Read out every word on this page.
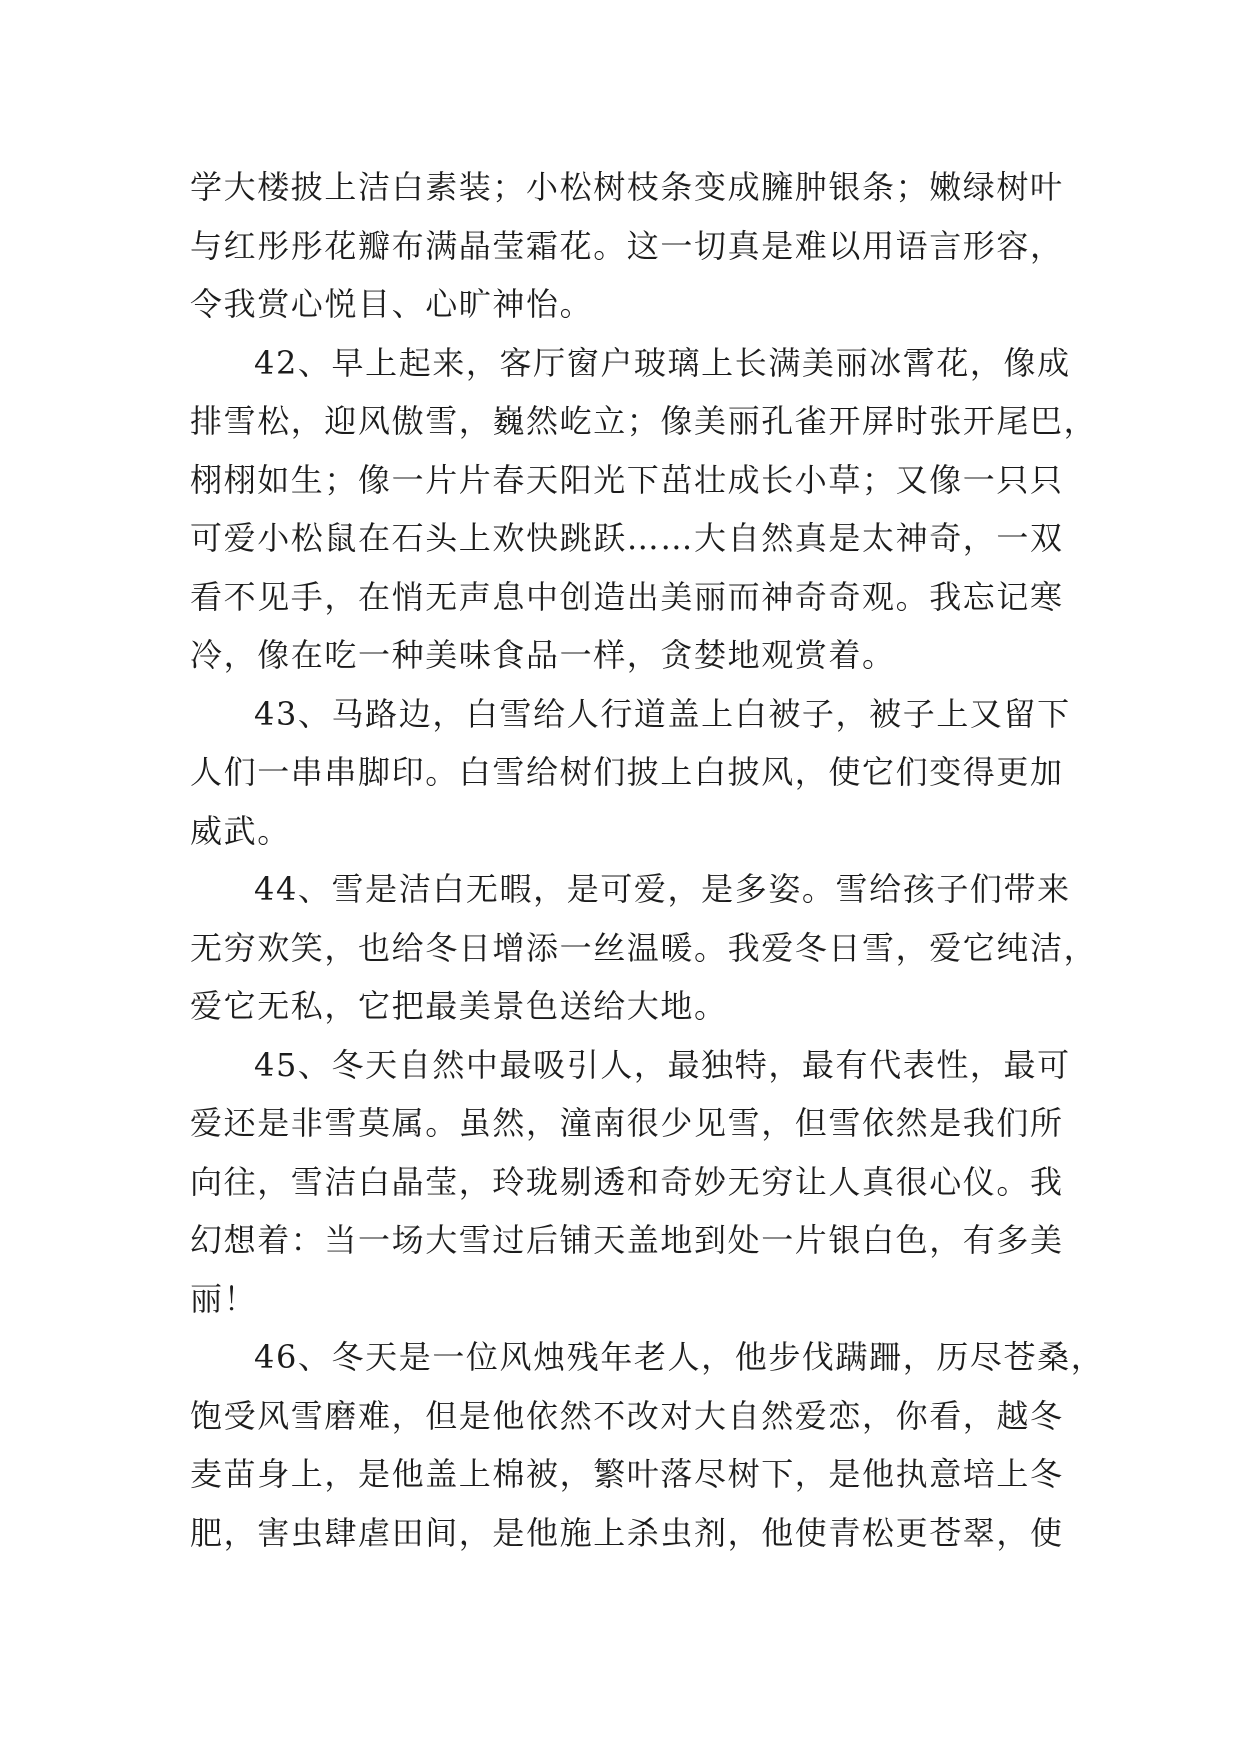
学大楼披上洁白素装；小松树枝条变成臃肿银条；嫩绿树叶
与红彤彤花瓣布满晶莹霜花。这一切真是难以用语言形容，
令我赏心悦目、心旷神怡。
42、早上起来，客厅窗户玻璃上长满美丽冰霄花，像成
排雪松，迎风傲雪，巍然屹立；像美丽孔雀开屏时张开尾巴，
栩栩如生；像一片片春天阳光下茁壮成长小草；又像一只只
可爱小松鼠在石头上欢快跳跃……大自然真是太神奇，一双
看不见手，在悄无声息中创造出美丽而神奇奇观。我忘记寒
冷，像在吃一种美味食品一样，贪婪地观赏着。
43、马路边，白雪给人行道盖上白被子，被子上又留下
人们一串串脚印。白雪给树们披上白披风，使它们变得更加
威武。
44、雪是洁白无暇，是可爱，是多姿。雪给孩子们带来
无穷欢笑，也给冬日增添一丝温暖。我爱冬日雪，爱它纯洁，
爱它无私，它把最美景色送给大地。
45、冬天自然中最吸引人，最独特，最有代表性，最可
爱还是非雪莫属。虽然，潼南很少见雪，但雪依然是我们所
向往，雪洁白晶莹，玲珑剔透和奇妙无穷让人真很心仪。我
幻想着：当一场大雪过后铺天盖地到处一片银白色，有多美
丽！
46、冬天是一位风烛残年老人，他步伐蹒跚，历尽苍桑，
饱受风雪磨难，但是他依然不改对大自然爱恋，你看，越冬
麦苗身上，是他盖上棉被，繁叶落尽树下，是他执意培上冬
肥，害虫肆虐田间，是他施上杀虫剂，他使青松更苍翠，使
